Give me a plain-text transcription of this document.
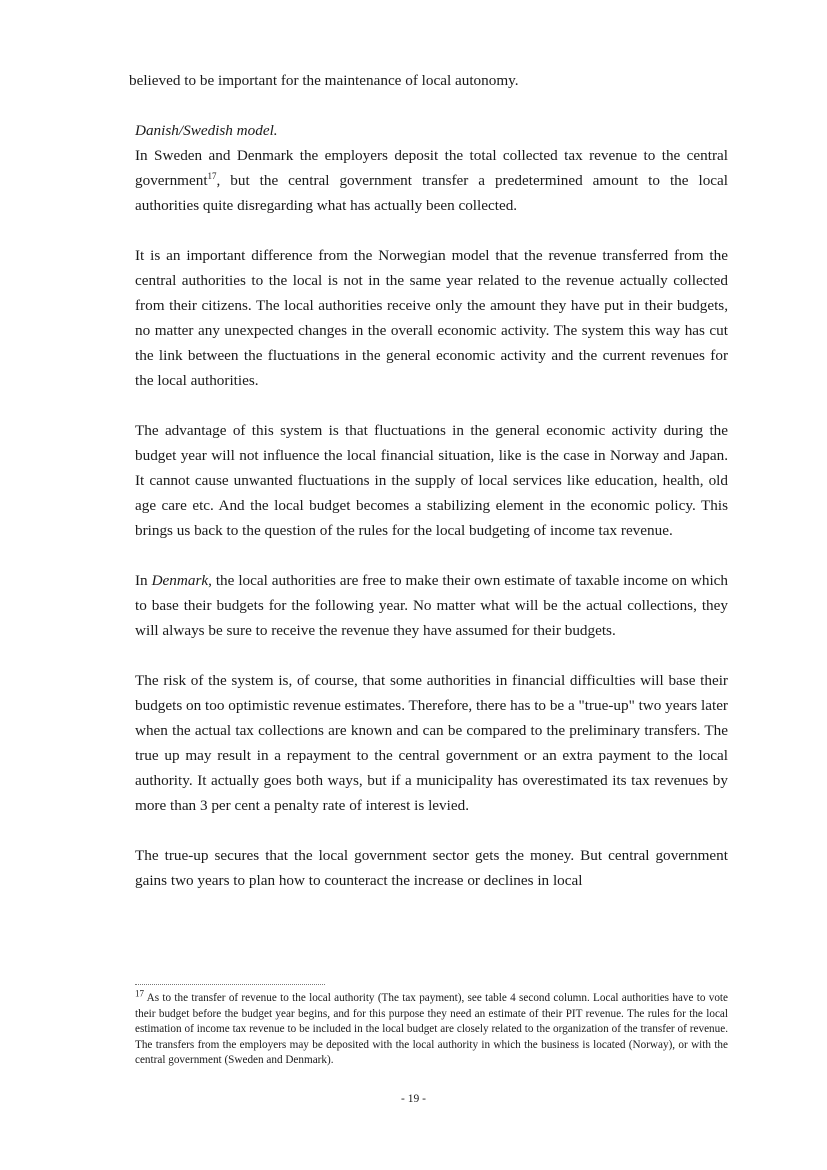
believed to be important for the maintenance of local autonomy.

Danish/Swedish model.

In Sweden and Denmark the employers deposit the total collected tax revenue to the central government$^{17}$, but the central government transfer a predetermined amount to the local authorities quite disregarding what has actually been collected.

It is an important difference from the Norwegian model that the revenue transferred from the central authorities to the local is not in the same year related to the revenue actually collected from their citizens. The local authorities receive only the amount they have put in their budgets, no matter any unexpected changes in the overall economic activity. The system this way has cut the link between the fluctuations in the general economic activity and the current revenues for the local authorities.

The advantage of this system is that fluctuations in the general economic activity during the budget year will not influence the local financial situation, like is the case in Norway and Japan. It cannot cause unwanted fluctuations in the supply of local services like education, health, old age care etc. And the local budget becomes a stabilizing element in the economic policy. This brings us back to the question of the rules for the local budgeting of income tax revenue.

In Denmark, the local authorities are free to make their own estimate of taxable income on which to base their budgets for the following year. No matter what will be the actual collections, they will always be sure to receive the revenue they have assumed for their budgets.

The risk of the system is, of course, that some authorities in financial difficulties will base their budgets on too optimistic revenue estimates. Therefore, there has to be a "true-up" two years later when the actual tax collections are known and can be compared to the preliminary transfers. The true up may result in a repayment to the central government or an extra payment to the local authority. It actually goes both ways, but if a municipality has overestimated its tax revenues by more than 3 per cent a penalty rate of interest is levied.

The true-up secures that the local government sector gets the money. But central government gains two years to plan how to counteract the increase or declines in local

$^{17}$ As to the transfer of revenue to the local authority (The tax payment), see table 4 second column. Local authorities have to vote their budget before the budget year begins, and for this purpose they need an estimate of their PIT revenue. The rules for the local estimation of income tax revenue to be included in the local budget are closely related to the organization of the transfer of revenue. The transfers from the employers may be deposited with the local authority in which the business is located (Norway), or with the central government (Sweden and Denmark).

- 19 -
